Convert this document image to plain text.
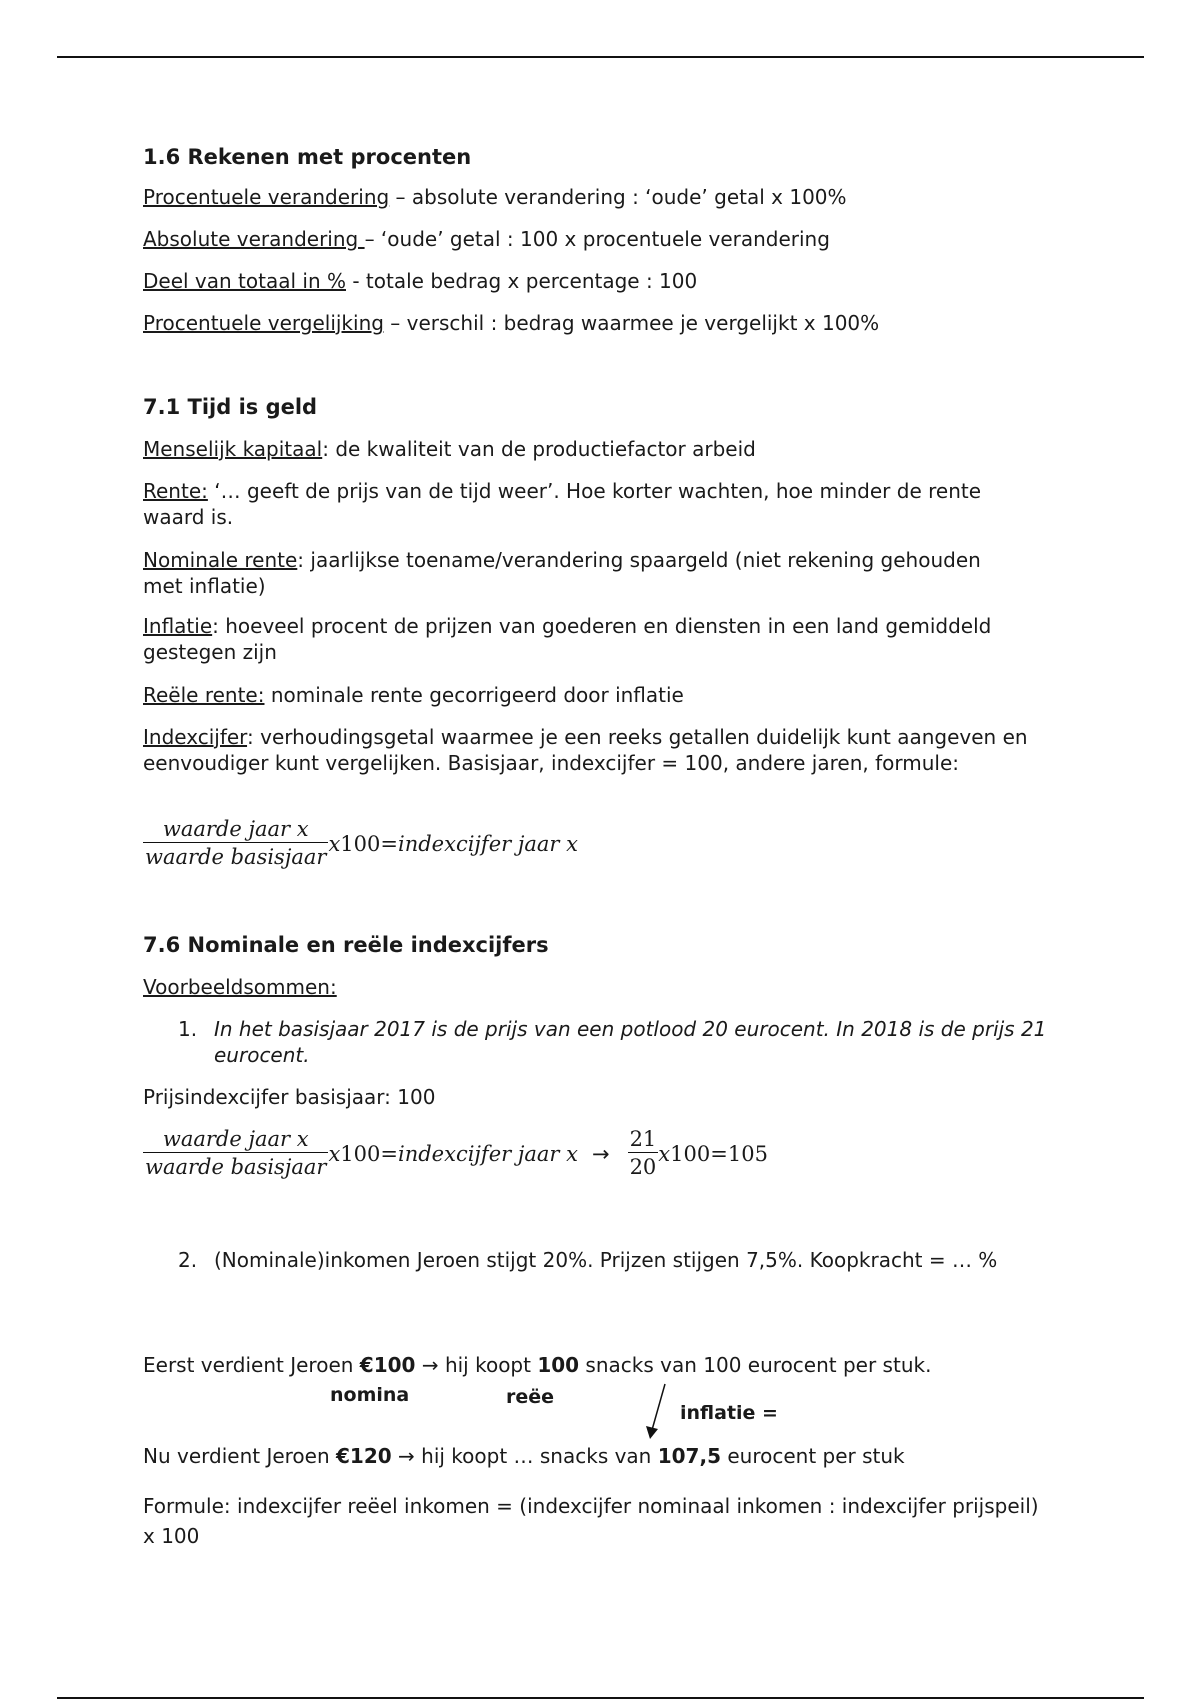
1.6 Rekenen met procenten
Procentuele verandering – absolute verandering : ‘oude’ getal x 100%
Absolute verandering – ‘oude’ getal : 100 x procentuele verandering
Deel van totaal in % - totale bedrag x percentage : 100
Procentuele vergelijking – verschil : bedrag waarmee je vergelijkt x 100%
7.1 Tijd is geld
Menselijk kapitaal: de kwaliteit van de productiefactor arbeid
Rente: ‘… geeft de prijs van de tijd weer’. Hoe korter wachten, hoe minder de rente waard is.
Nominale rente: jaarlijkse toename/verandering spaargeld (niet rekening gehouden met inflatie)
Inflatie: hoeveel procent de prijzen van goederen en diensten in een land gemiddeld gestegen zijn
Reële rente: nominale rente gecorrigeerd door inflatie
Indexcijfer: verhoudingsgetal waarmee je een reeks getallen duidelijk kunt aangeven en eenvoudiger kunt vergelijken. Basisjaar, indexcijfer = 100, andere jaren, formule:
$\frac{\text{waarde jaar x}}{\text{waarde basisjaar}}$ x 100 = indexcijfer jaar x
7.6 Nominale en reële indexcijfers
Voorbeeldsommen:
1. In het basisjaar 2017 is de prijs van een potlood 20 eurocent. In 2018 is de prijs 21 eurocent.
Prijsindexcijfer basisjaar: 100
$\frac{\text{waarde jaar x}}{\text{waarde basisjaar}}$ x 100 = indexcijfer jaar $x \to \frac{21}{20}$ x 100 = 105
2. (Nominale)inkomen Jeroen stijgt 20%. Prijzen stijgen 7,5%. Koopkracht = … %
Eerst verdient Jeroen €100 → hij koopt 100 snacks van 100 eurocent per stuk.
nomina	reëe
inflatie =
Nu verdient Jeroen €120 → hij koopt … snacks van 107,5 eurocent per stuk
Formule: indexcijfer reëel inkomen = (indexcijfer nominaal inkomen : indexcijfer prijspeil) x 100
